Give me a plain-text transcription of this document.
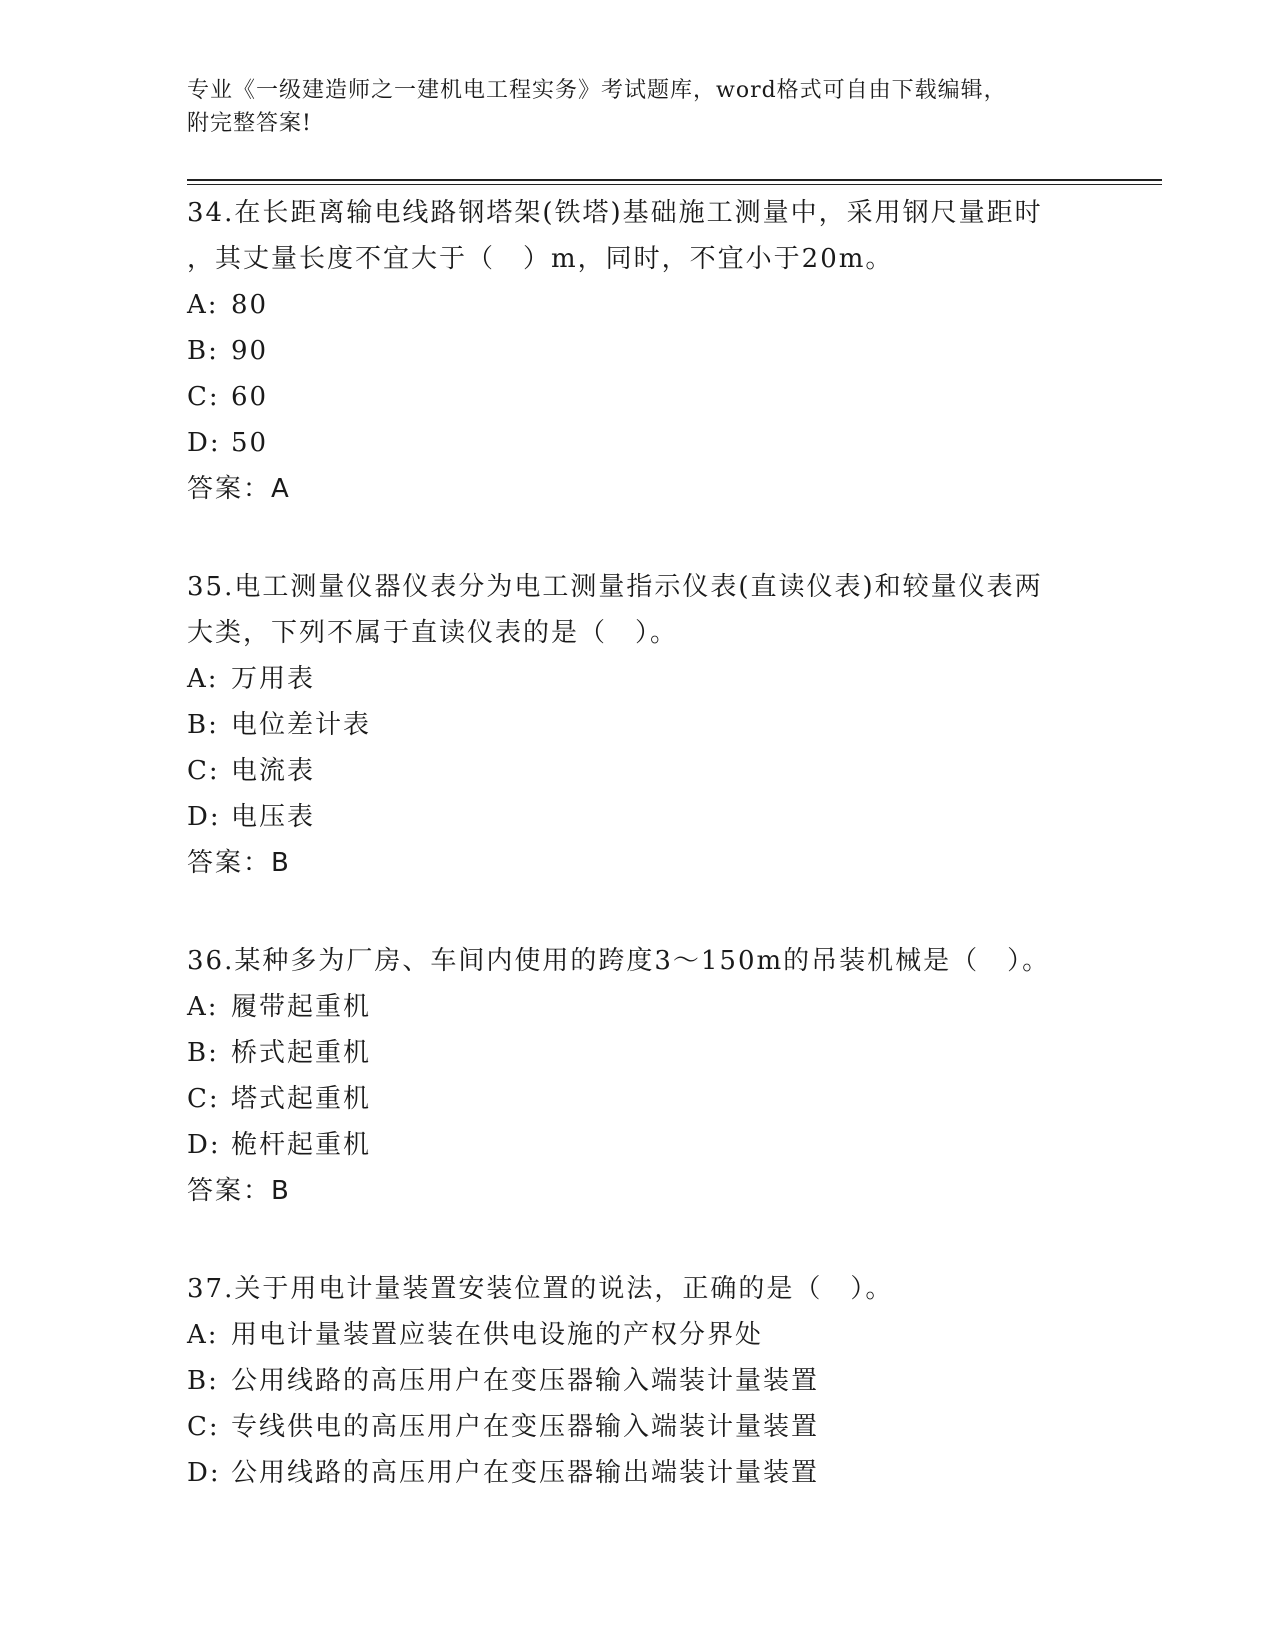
专业《一级建造师之一建机电工程实务》考试题库，word格式可自由下载编辑，
附完整答案!

34.在长距离输电线路钢塔架(铁塔)基础施工测量中，采用钢尺量距时

，其丈量长度不宜大于（　）m，同时，不宜小于20m。

A: 80

B: 90

C: 60

D: 50

答案：A

35.电工测量仪器仪表分为电工测量指示仪表(直读仪表)和较量仪表两

大类，下列不属于直读仪表的是（　）。

A: 万用表

B: 电位差计表

C: 电流表

D: 电压表

答案：B

36.某种多为厂房、车间内使用的跨度3～150m的吊装机械是（　）。

A: 履带起重机

B: 桥式起重机

C: 塔式起重机

D: 桅杆起重机

答案：B

37.关于用电计量装置安装位置的说法，正确的是（　）。

A: 用电计量装置应装在供电设施的产权分界处

B: 公用线路的高压用户在变压器输入端装计量装置

C: 专线供电的高压用户在变压器输入端装计量装置

D: 公用线路的高压用户在变压器输出端装计量装置
